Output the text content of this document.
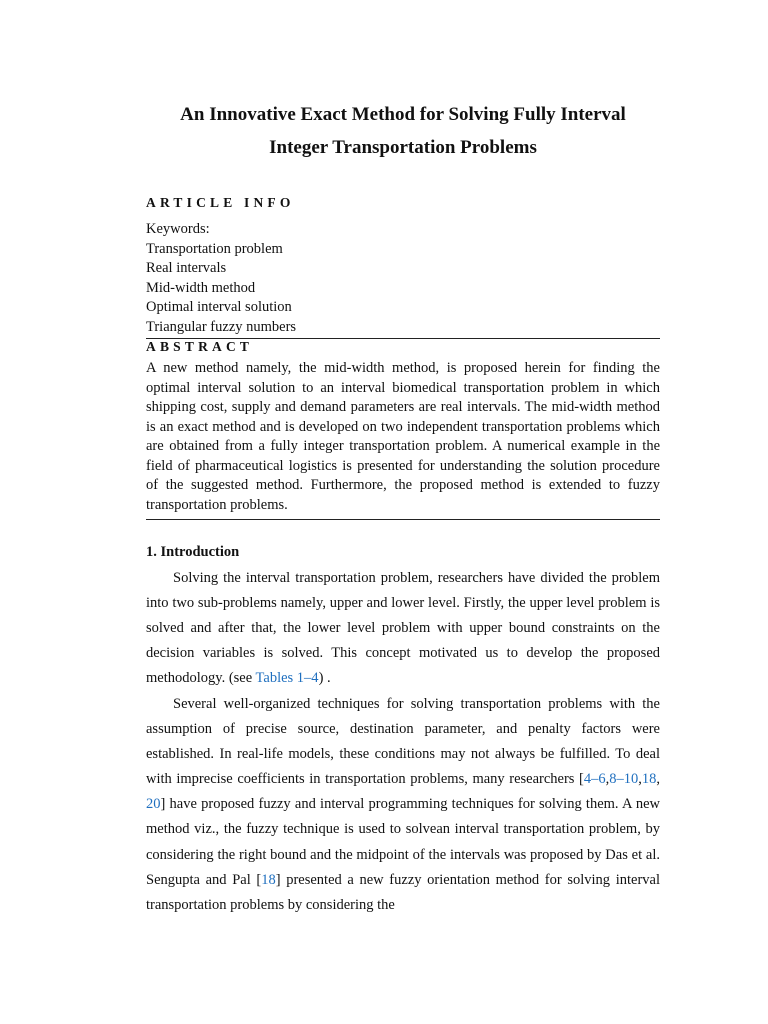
An Innovative Exact Method for Solving Fully Interval
Integer Transportation Problems
ARTICLE INFO
Keywords:
Transportation problem
Real intervals
Mid-width method
Optimal interval solution
Triangular fuzzy numbers
ABSTRACT

A new method namely, the mid-width method, is proposed herein for finding the optimal interval solution to an interval biomedical transportation problem in which shipping cost, supply and demand parameters are real intervals. The mid-width method is an exact method and is developed on two independent transportation problems which are obtained from a fully integer transportation problem. A numerical example in the field of pharmaceutical logistics is presented for understanding the solution procedure of the suggested method. Furthermore, the proposed method is extended to fuzzy transportation problems.

1. Introduction

Solving the interval transportation problem, researchers have divided the problem into two sub-problems namely, upper and lower level. Firstly, the upper level problem is solved and after that, the lower level problem with upper bound constraints on the decision variables is solved. This concept motivated us to develop the proposed methodology. (see Tables 1–4) .

Several well-organized techniques for solving transportation problems with the assumption of precise source, destination parameter, and penalty factors were established. In real-life models, these conditions may not always be fulfilled. To deal with imprecise coefficients in transportation problems, many researchers [4–6,8–10,18, 20] have proposed fuzzy and interval programming techniques for solving them. A new method viz., the fuzzy technique is used to solvean interval transportation problem, by considering the right bound and the midpoint of the intervals was proposed by Das et al. Sengupta and Pal [18] presented a new fuzzy orientation method for solving interval transportation problems by considering the
